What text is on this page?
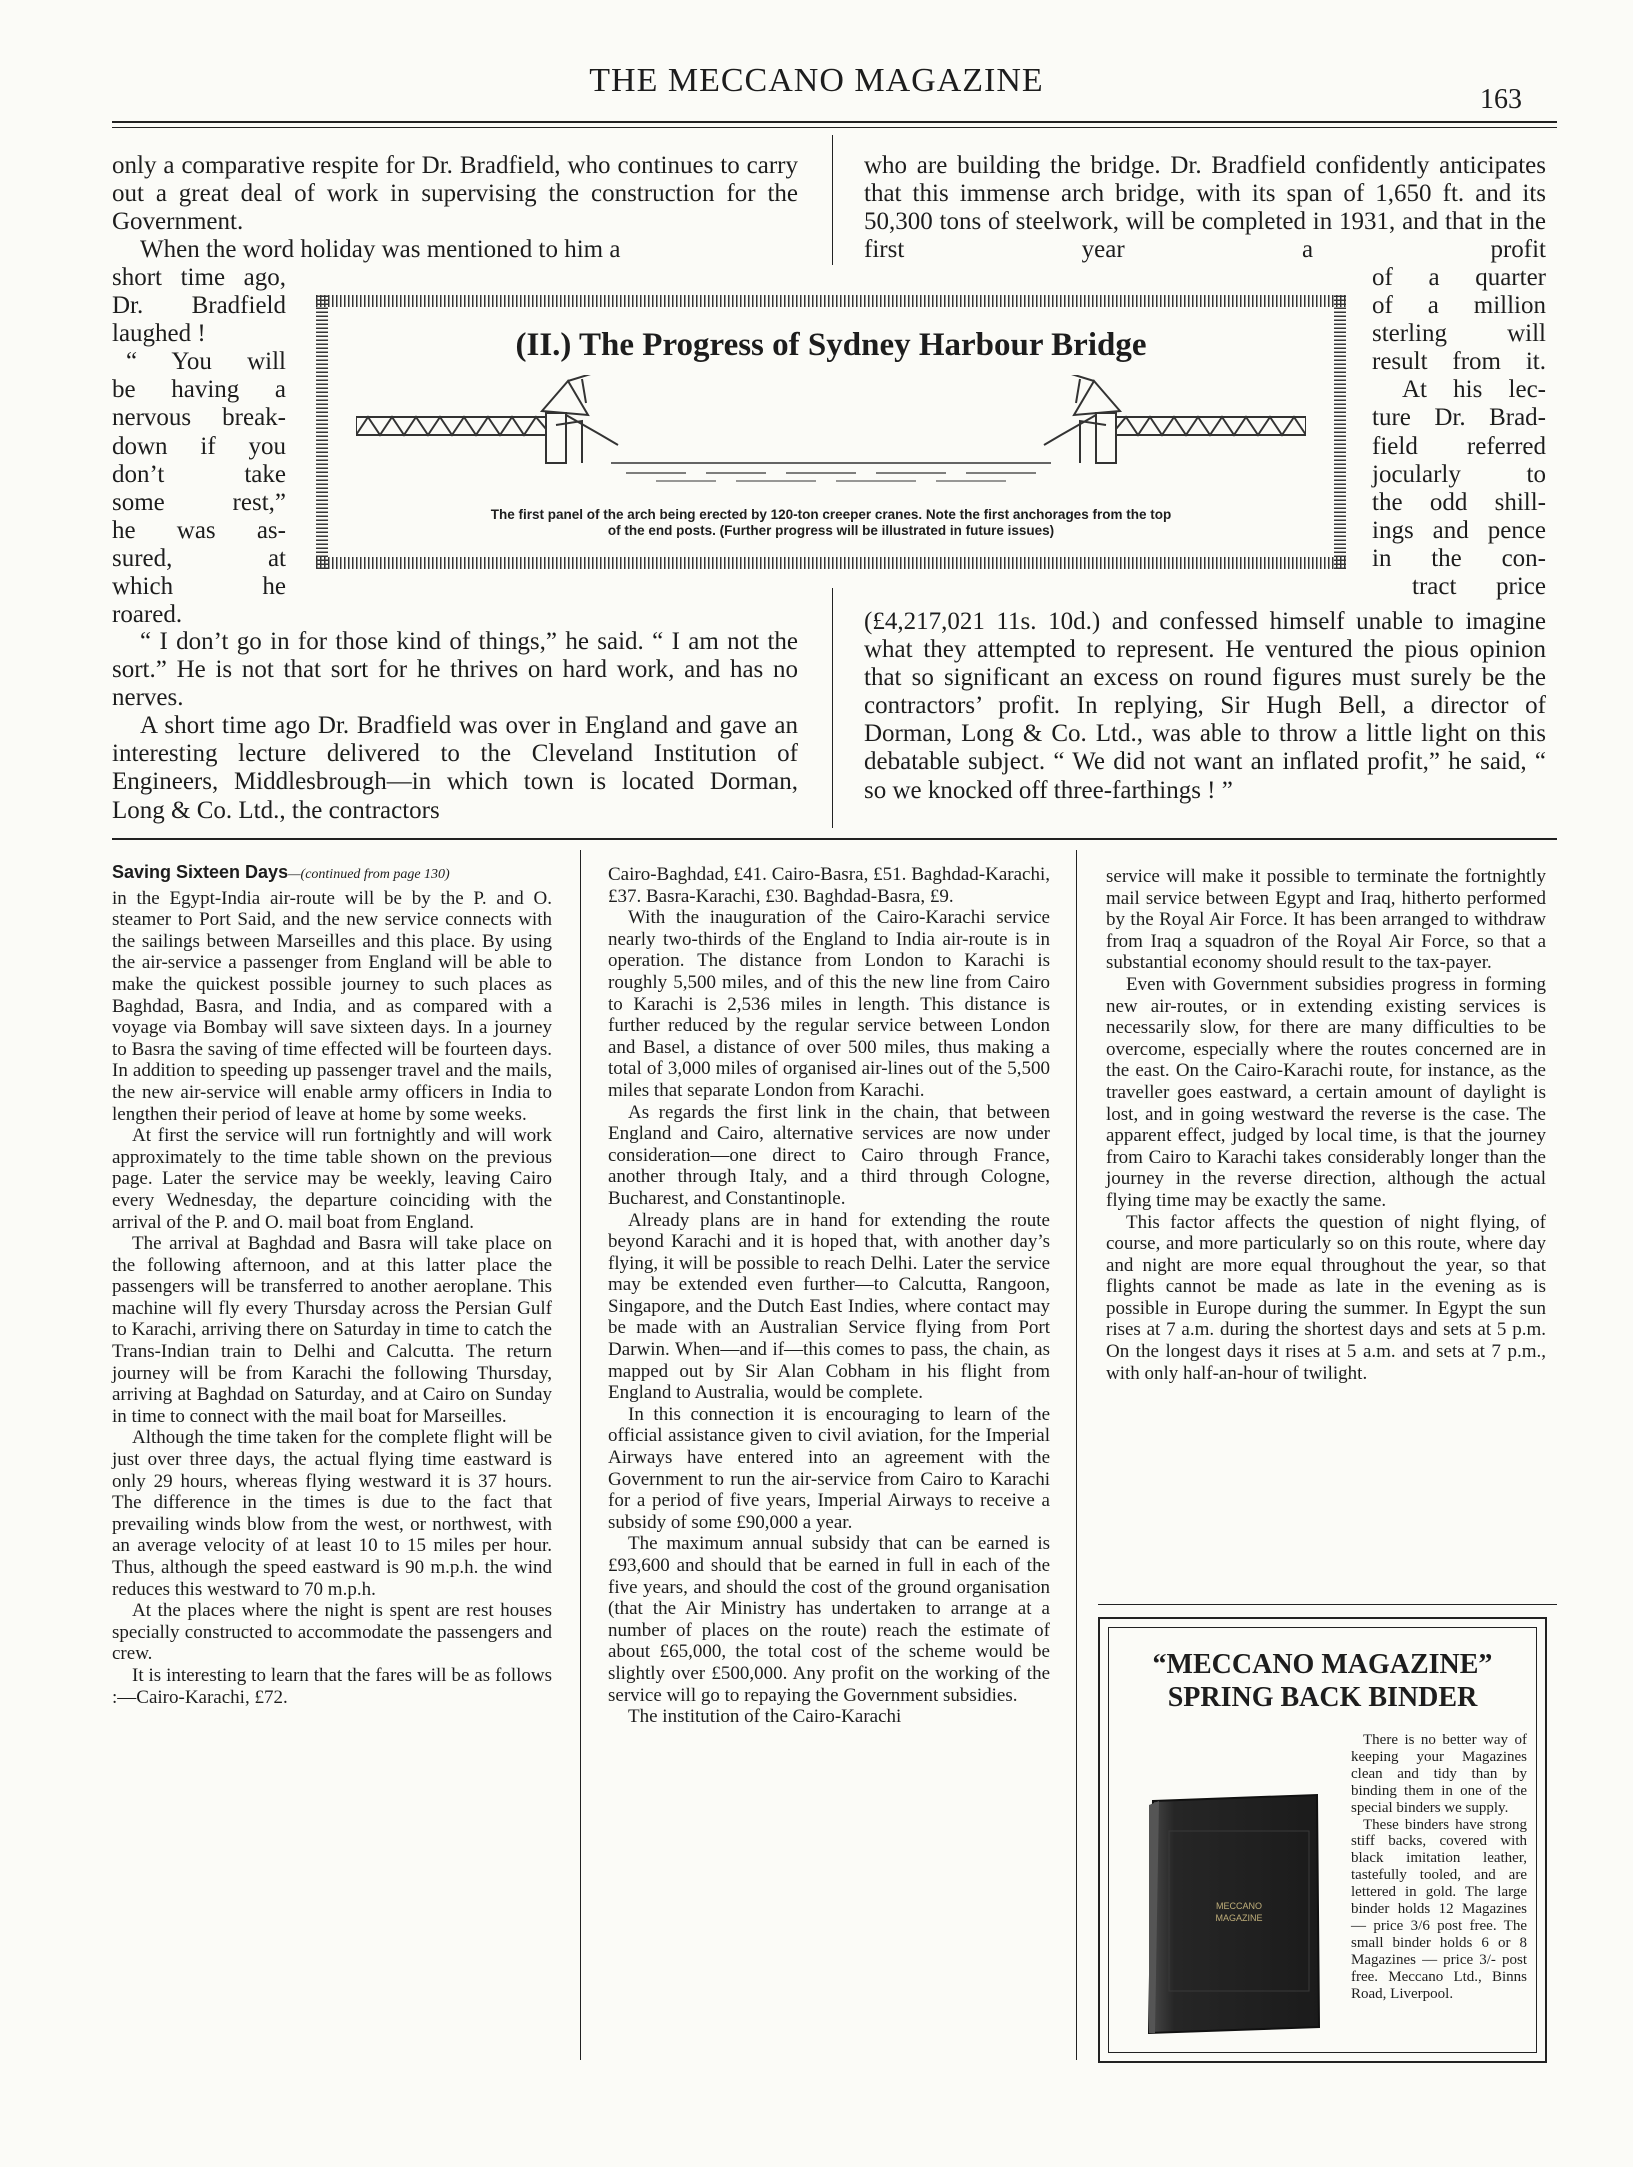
THE MECCANO MAGAZINE
163

only a comparative respite for Dr. Bradfield, who continues to carry out a great deal of work in supervising the construction for the Government.

When the word holiday was mentioned to him a

short time ago,
Dr. Bradfield
laughed !
“ You will
be having a
nervous break-
down if you
don’t take
some rest,”
he was as-
sured, at
which he
roared.

“ I don’t go in for those kind of things,” he said. “ I am not the sort.” He is not that sort for he thrives on hard work, and has no nerves.

A short time ago Dr. Bradfield was over in England and gave an interesting lecture delivered to the Cleveland Institution of Engineers, Middlesbrough—in which town is located Dorman, Long & Co. Ltd., the contractors

who are building the bridge. Dr. Bradfield confidently anticipates that this immense arch bridge, with its span of 1,650 ft. and its 50,300 tons of steelwork, will be completed in 1931, and that in the first year a profit

of a quarter
of a million
sterling will
result from it.
At his lec-
ture Dr. Brad-
field referred
jocularly to
the odd shill-
ings and pence
in the con-
tract price

(£4,217,021 11s. 10d.) and confessed himself unable to imagine what they attempted to represent. He ventured the pious opinion that so significant an excess on round figures must surely be the contractors’ profit. In replying, Sir Hugh Bell, a director of Dorman, Long & Co. Ltd., was able to throw a little light on this debatable subject. “ We did not want an inflated profit,” he said, “ so we knocked off three-farthings ! ”

(II.) The Progress of Sydney Harbour Bridge
The first panel of the arch being erected by 120-ton creeper cranes. Note the first anchorages from the top
of the end posts. (Further progress will be illustrated in future issues)
Saving Sixteen Days—(continued from page 130)

in the Egypt-India air-route will be by the P. and O. steamer to Port Said, and the new service connects with the sailings between Marseilles and this place. By using the air-service a passenger from England will be able to make the quickest possible journey to such places as Baghdad, Basra, and India, and as compared with a voyage via Bombay will save sixteen days. In a journey to Basra the saving of time effected will be fourteen days. In addition to speeding up passenger travel and the mails, the new air-service will enable army officers in India to lengthen their period of leave at home by some weeks.

At first the service will run fortnightly and will work approximately to the time table shown on the previous page. Later the service may be weekly, leaving Cairo every Wednesday, the departure coinciding with the arrival of the P. and O. mail boat from England.

The arrival at Baghdad and Basra will take place on the following afternoon, and at this latter place the passengers will be transferred to another aeroplane. This machine will fly every Thursday across the Persian Gulf to Karachi, arriving there on Saturday in time to catch the Trans-Indian train to Delhi and Calcutta. The return journey will be from Karachi the following Thursday, arriving at Baghdad on Saturday, and at Cairo on Sunday in time to connect with the mail boat for Marseilles.

Although the time taken for the complete flight will be just over three days, the actual flying time eastward is only 29 hours, whereas flying westward it is 37 hours. The difference in the times is due to the fact that prevailing winds blow from the west, or northwest, with an average velocity of at least 10 to 15 miles per hour. Thus, although the speed eastward is 90 m.p.h. the wind reduces this westward to 70 m.p.h.

At the places where the night is spent are rest houses specially constructed to accommodate the passengers and crew.

It is interesting to learn that the fares will be as follows :—Cairo-Karachi, £72.

Cairo-Baghdad, £41. Cairo-Basra, £51. Baghdad-Karachi, £37. Basra-Karachi, £30. Baghdad-Basra, £9.

With the inauguration of the Cairo-Karachi service nearly two-thirds of the England to India air-route is in operation. The distance from London to Karachi is roughly 5,500 miles, and of this the new line from Cairo to Karachi is 2,536 miles in length. This distance is further reduced by the regular service between London and Basel, a distance of over 500 miles, thus making a total of 3,000 miles of organised air-lines out of the 5,500 miles that separate London from Karachi.

As regards the first link in the chain, that between England and Cairo, alternative services are now under consideration—one direct to Cairo through France, another through Italy, and a third through Cologne, Bucharest, and Constantinople.

Already plans are in hand for extending the route beyond Karachi and it is hoped that, with another day’s flying, it will be possible to reach Delhi. Later the service may be extended even further—to Calcutta, Rangoon, Singapore, and the Dutch East Indies, where contact may be made with an Australian Service flying from Port Darwin. When—and if—this comes to pass, the chain, as mapped out by Sir Alan Cobham in his flight from England to Australia, would be complete.

In this connection it is encouraging to learn of the official assistance given to civil aviation, for the Imperial Airways have entered into an agreement with the Government to run the air-service from Cairo to Karachi for a period of five years, Imperial Airways to receive a subsidy of some £90,000 a year.

The maximum annual subsidy that can be earned is £93,600 and should that be earned in full in each of the five years, and should the cost of the ground organisation (that the Air Ministry has undertaken to arrange at a number of places on the route) reach the estimate of about £65,000, the total cost of the scheme would be slightly over £500,000. Any profit on the working of the service will go to repaying the Government subsidies.

The institution of the Cairo-Karachi

service will make it possible to terminate the fortnightly mail service between Egypt and Iraq, hitherto performed by the Royal Air Force. It has been arranged to withdraw from Iraq a squadron of the Royal Air Force, so that a substantial economy should result to the tax-payer.

Even with Government subsidies progress in forming new air-routes, or in extending existing services is necessarily slow, for there are many difficulties to be overcome, especially where the routes concerned are in the east. On the Cairo-Karachi route, for instance, as the traveller goes eastward, a certain amount of daylight is lost, and in going westward the reverse is the case. The apparent effect, judged by local time, is that the journey from Cairo to Karachi takes considerably longer than the journey in the reverse direction, although the actual flying time may be exactly the same.

This factor affects the question of night flying, of course, and more particularly so on this route, where day and night are more equal throughout the year, so that flights cannot be made as late in the evening as is possible in Europe during the summer. In Egypt the sun rises at 7 a.m. during the shortest days and sets at 5 p.m. On the longest days it rises at 5 a.m. and sets at 7 p.m., with only half-an-hour of twilight.

“MECCANO MAGAZINE”
SPRING BACK BINDER
MECCANO
MAGAZINE

There is no better way of keeping your Magazines clean and tidy than by binding them in one of the special binders we supply.

These binders have strong stiff backs, covered with black imitation leather, tastefully tooled, and are lettered in gold. The large binder holds 12 Magazines — price 3/6 post free. The small binder holds 6 or 8 Magazines — price 3/- post free. Meccano Ltd., Binns Road, Liverpool.
